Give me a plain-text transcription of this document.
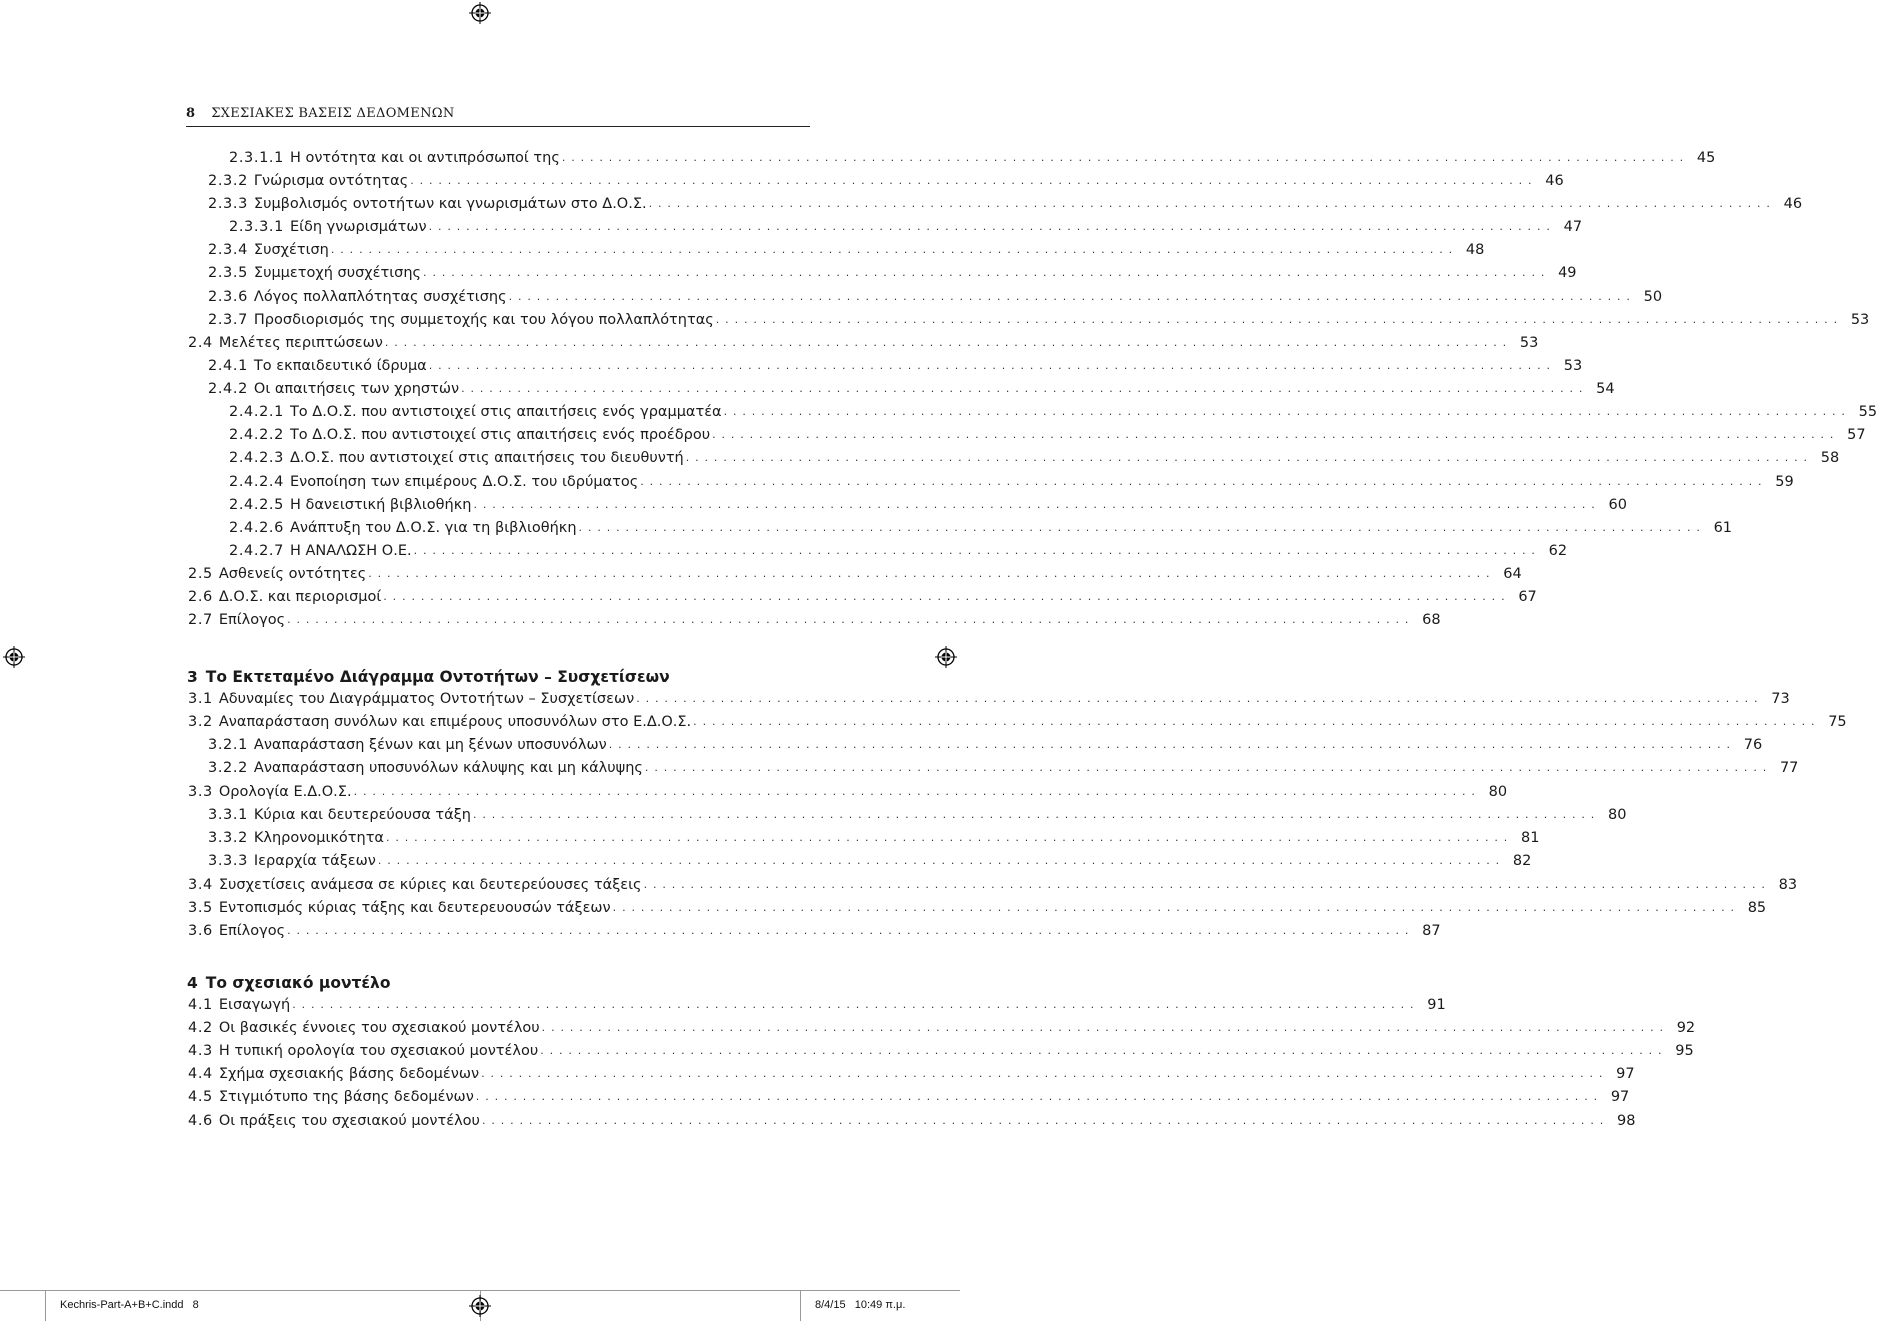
8 ΣΧΕΣΙΑΚΕΣ ΒΑΣΕΙΣ ΔΕΔΟΜΕΝΩΝ
3 Το Εκτεταμένο Διάγραμμα Οντοτήτων – Συσχετίσεων
4 Το σχεσιακό μοντέλο
2.3.1.1 Η οντότητα και οι αντιπρόσωποί της . . . . . . . . . . . . . . . . . . . . . . . . . . . . . . . . . . . . . . . . . . . . . . . . . . . . . . . . . . . . . . . . . . . . . . . . . . . . . . . . . . . . . . . . . . . . . . . . . . . . . . . . . . . . . . . . . . . . . . . . 45
2.3.2 Γνώρισμα οντότητας . . . . . . . . . . . . . . . . . . . . . . . . . . . . . . . . . . . . . . . . . . . . . . . . . . . . . . . . . . . . . . . . . . . . . . . . . . . . . . . . . . . . . . . . . . . . . . . . . . . . . . . . . . . . . . . . . . . . . . . . 46
2.3.3 Συμβολισμός οντοτήτων και γνωρισμάτων στο Δ.Ο.Σ. . . . . . . . . . . . . . . . . . . . . . . . . . . . . . . . . . . . . . . . . . . . . . . . . . . . . . . . . . . . . . . . . . . . . . . . . . . . . . . . . . . . . . . . . . . . . . . . . . . . . . . . . . . . . . . . . . . . . . . . . 46
2.3.3.1 Είδη γνωρισμάτων . . . . . . . . . . . . . . . . . . . . . . . . . . . . . . . . . . . . . . . . . . . . . . . . . . . . . . . . . . . . . . . . . . . . . . . . . . . . . . . . . . . . . . . . . . . . . . . . . . . . . . . . . . . . . . . . . . . . . . . . 47
2.3.4 Συσχέτιση . . . . . . . . . . . . . . . . . . . . . . . . . . . . . . . . . . . . . . . . . . . . . . . . . . . . . . . . . . . . . . . . . . . . . . . . . . . . . . . . . . . . . . . . . . . . . . . . . . . . . . . . . . . . . . . . . . . . . . . . 48
2.3.5 Συμμετοχή συσχέτισης . . . . . . . . . . . . . . . . . . . . . . . . . . . . . . . . . . . . . . . . . . . . . . . . . . . . . . . . . . . . . . . . . . . . . . . . . . . . . . . . . . . . . . . . . . . . . . . . . . . . . . . . . . . . . . . . . . . . . . . . 49
2.3.6 Λόγος πολλαπλότητας συσχέτισης . . . . . . . . . . . . . . . . . . . . . . . . . . . . . . . . . . . . . . . . . . . . . . . . . . . . . . . . . . . . . . . . . . . . . . . . . . . . . . . . . . . . . . . . . . . . . . . . . . . . . . . . . . . . . . . . . . . . . . . . 50
2.3.7 Προσδιορισμός της συμμετοχής και του λόγου πολλαπλότητας . . . . . . . . . . . . . . . . . . . . . . . . . . . . . . . . . . . . . . . . . . . . . . . . . . . . . . . . . . . . . . . . . . . . . . . . . . . . . . . . . . . . . . . . . . . . . . . . . . . . . . . . . . . . . . . . . . . . . . . . 53
2.4 Μελέτες περιπτώσεων . . . . . . . . . . . . . . . . . . . . . . . . . . . . . . . . . . . . . . . . . . . . . . . . . . . . . . . . . . . . . . . . . . . . . . . . . . . . . . . . . . . . . . . . . . . . . . . . . . . . . . . . . . . . . . . . . . . . . . . . 53
2.4.1 Το εκπαιδευτικό ίδρυμα . . . . . . . . . . . . . . . . . . . . . . . . . . . . . . . . . . . . . . . . . . . . . . . . . . . . . . . . . . . . . . . . . . . . . . . . . . . . . . . . . . . . . . . . . . . . . . . . . . . . . . . . . . . . . . . . . . . . . . . . 53
2.4.2 Οι απαιτήσεις των χρηστών . . . . . . . . . . . . . . . . . . . . . . . . . . . . . . . . . . . . . . . . . . . . . . . . . . . . . . . . . . . . . . . . . . . . . . . . . . . . . . . . . . . . . . . . . . . . . . . . . . . . . . . . . . . . . . . . . . . . . . . . 54
2.4.2.1 Το Δ.Ο.Σ. που αντιστοιχεί στις απαιτήσεις ενός γραμματέα . . . . . . . . . . . . . . . . . . . . . . . . . . . . . . . . . . . . . . . . . . . . . . . . . . . . . . . . . . . . . . . . . . . . . . . . . . . . . . . . . . . . . . . . . . . . . . . . . . . . . . . . . . . . . . . . . . . . . . . . 55
2.4.2.2 Το Δ.Ο.Σ. που αντιστοιχεί στις απαιτήσεις ενός προέδρου . . . . . . . . . . . . . . . . . . . . . . . . . . . . . . . . . . . . . . . . . . . . . . . . . . . . . . . . . . . . . . . . . . . . . . . . . . . . . . . . . . . . . . . . . . . . . . . . . . . . . . . . . . . . . . . . . . . . . . . . 57
2.4.2.3 Δ.Ο.Σ. που αντιστοιχεί στις απαιτήσεις του διευθυντή . . . . . . . . . . . . . . . . . . . . . . . . . . . . . . . . . . . . . . . . . . . . . . . . . . . . . . . . . . . . . . . . . . . . . . . . . . . . . . . . . . . . . . . . . . . . . . . . . . . . . . . . . . . . . . . . . . . . . . . . 58
2.4.2.4 Ενοποίηση των επιμέρους Δ.Ο.Σ. του ιδρύματος . . . . . . . . . . . . . . . . . . . . . . . . . . . . . . . . . . . . . . . . . . . . . . . . . . . . . . . . . . . . . . . . . . . . . . . . . . . . . . . . . . . . . . . . . . . . . . . . . . . . . . . . . . . . . . . . . . . . . . . . 59
2.4.2.5 Η δανειστική βιβλιοθήκη . . . . . . . . . . . . . . . . . . . . . . . . . . . . . . . . . . . . . . . . . . . . . . . . . . . . . . . . . . . . . . . . . . . . . . . . . . . . . . . . . . . . . . . . . . . . . . . . . . . . . . . . . . . . . . . . . . . . . . . . 60
2.4.2.6 Ανάπτυξη του Δ.Ο.Σ. για τη βιβλιοθήκη . . . . . . . . . . . . . . . . . . . . . . . . . . . . . . . . . . . . . . . . . . . . . . . . . . . . . . . . . . . . . . . . . . . . . . . . . . . . . . . . . . . . . . . . . . . . . . . . . . . . . . . . . . . . . . . . . . . . . . . . 61
2.4.2.7 Η ΑΝΑΛΩΣΗ Ο.Ε. . . . . . . . . . . . . . . . . . . . . . . . . . . . . . . . . . . . . . . . . . . . . . . . . . . . . . . . . . . . . . . . . . . . . . . . . . . . . . . . . . . . . . . . . . . . . . . . . . . . . . . . . . . . . . . . . . . . . . . . . 62
2.5 Ασθενείς οντότητες . . . . . . . . . . . . . . . . . . . . . . . . . . . . . . . . . . . . . . . . . . . . . . . . . . . . . . . . . . . . . . . . . . . . . . . . . . . . . . . . . . . . . . . . . . . . . . . . . . . . . . . . . . . . . . . . . . . . . . . . 64
2.6 Δ.Ο.Σ. και περιορισμοί . . . . . . . . . . . . . . . . . . . . . . . . . . . . . . . . . . . . . . . . . . . . . . . . . . . . . . . . . . . . . . . . . . . . . . . . . . . . . . . . . . . . . . . . . . . . . . . . . . . . . . . . . . . . . . . . . . . . . . . . 67
2.7 Επίλογος . . . . . . . . . . . . . . . . . . . . . . . . . . . . . . . . . . . . . . . . . . . . . . . . . . . . . . . . . . . . . . . . . . . . . . . . . . . . . . . . . . . . . . . . . . . . . . . . . . . . . . . . . . . . . . . . . . . . . . . . 68
3.1 Αδυναμίες του Διαγράμματος Οντοτήτων – Συσχετίσεων . . . . . . . . . . . . . . . . . . . . . . . . . . . . . . . . . . . . . . . . . . . . . . . . . . . . . . . . . . . . . . . . . . . . . . . . . . . . . . . . . . . . . . . . . . . . . . . . . . . . . . . . . . . . . . . . . . . . . . . . 73
3.2 Αναπαράσταση συνόλων και επιμέρους υποσυνόλων στο Ε.Δ.Ο.Σ. . . . . . . . . . . . . . . . . . . . . . . . . . . . . . . . . . . . . . . . . . . . . . . . . . . . . . . . . . . . . . . . . . . . . . . . . . . . . . . . . . . . . . . . . . . . . . . . . . . . . . . . . . . . . . . . . . . . . . . . . 75
3.2.1 Αναπαράσταση ξένων και μη ξένων υποσυνόλων . . . . . . . . . . . . . . . . . . . . . . . . . . . . . . . . . . . . . . . . . . . . . . . . . . . . . . . . . . . . . . . . . . . . . . . . . . . . . . . . . . . . . . . . . . . . . . . . . . . . . . . . . . . . . . . . . . . . . . . . 76
3.2.2 Αναπαράσταση υποσυνόλων κάλυψης και μη κάλυψης . . . . . . . . . . . . . . . . . . . . . . . . . . . . . . . . . . . . . . . . . . . . . . . . . . . . . . . . . . . . . . . . . . . . . . . . . . . . . . . . . . . . . . . . . . . . . . . . . . . . . . . . . . . . . . . . . . . . . . . . 77
3.3 Ορολογία Ε.Δ.Ο.Σ. . . . . . . . . . . . . . . . . . . . . . . . . . . . . . . . . . . . . . . . . . . . . . . . . . . . . . . . . . . . . . . . . . . . . . . . . . . . . . . . . . . . . . . . . . . . . . . . . . . . . . . . . . . . . . . . . . . . . . . . . 80
3.3.1 Κύρια και δευτερεύουσα τάξη . . . . . . . . . . . . . . . . . . . . . . . . . . . . . . . . . . . . . . . . . . . . . . . . . . . . . . . . . . . . . . . . . . . . . . . . . . . . . . . . . . . . . . . . . . . . . . . . . . . . . . . . . . . . . . . . . . . . . . . . 80
3.3.2 Κληρονομικότητα . . . . . . . . . . . . . . . . . . . . . . . . . . . . . . . . . . . . . . . . . . . . . . . . . . . . . . . . . . . . . . . . . . . . . . . . . . . . . . . . . . . . . . . . . . . . . . . . . . . . . . . . . . . . . . . . . . . . . . . . 81
3.3.3 Ιεραρχία τάξεων . . . . . . . . . . . . . . . . . . . . . . . . . . . . . . . . . . . . . . . . . . . . . . . . . . . . . . . . . . . . . . . . . . . . . . . . . . . . . . . . . . . . . . . . . . . . . . . . . . . . . . . . . . . . . . . . . . . . . . . . 82
3.4 Συσχετίσεις ανάμεσα σε κύριες και δευτερεύουσες τάξεις . . . . . . . . . . . . . . . . . . . . . . . . . . . . . . . . . . . . . . . . . . . . . . . . . . . . . . . . . . . . . . . . . . . . . . . . . . . . . . . . . . . . . . . . . . . . . . . . . . . . . . . . . . . . . . . . . . . . . . . . 83
3.5 Εντοπισμός κύριας τάξης και δευτερευουσών τάξεων . . . . . . . . . . . . . . . . . . . . . . . . . . . . . . . . . . . . . . . . . . . . . . . . . . . . . . . . . . . . . . . . . . . . . . . . . . . . . . . . . . . . . . . . . . . . . . . . . . . . . . . . . . . . . . . . . . . . . . . . 85
3.6 Επίλογος . . . . . . . . . . . . . . . . . . . . . . . . . . . . . . . . . . . . . . . . . . . . . . . . . . . . . . . . . . . . . . . . . . . . . . . . . . . . . . . . . . . . . . . . . . . . . . . . . . . . . . . . . . . . . . . . . . . . . . . . 87
4.1 Εισαγωγή . . . . . . . . . . . . . . . . . . . . . . . . . . . . . . . . . . . . . . . . . . . . . . . . . . . . . . . . . . . . . . . . . . . . . . . . . . . . . . . . . . . . . . . . . . . . . . . . . . . . . . . . . . . . . . . . . . . . . . . . 91
4.2 Οι βασικές έννοιες του σχεσιακού μοντέλου . . . . . . . . . . . . . . . . . . . . . . . . . . . . . . . . . . . . . . . . . . . . . . . . . . . . . . . . . . . . . . . . . . . . . . . . . . . . . . . . . . . . . . . . . . . . . . . . . . . . . . . . . . . . . . . . . . . . . . . . 92
4.3 Η τυπική ορολογία του σχεσιακού μοντέλου . . . . . . . . . . . . . . . . . . . . . . . . . . . . . . . . . . . . . . . . . . . . . . . . . . . . . . . . . . . . . . . . . . . . . . . . . . . . . . . . . . . . . . . . . . . . . . . . . . . . . . . . . . . . . . . . . . . . . . . . 95
4.4 Σχήμα σχεσιακής βάσης δεδομένων . . . . . . . . . . . . . . . . . . . . . . . . . . . . . . . . . . . . . . . . . . . . . . . . . . . . . . . . . . . . . . . . . . . . . . . . . . . . . . . . . . . . . . . . . . . . . . . . . . . . . . . . . . . . . . . . . . . . . . . . 97
4.5 Στιγμιότυπο της βάσης δεδομένων . . . . . . . . . . . . . . . . . . . . . . . . . . . . . . . . . . . . . . . . . . . . . . . . . . . . . . . . . . . . . . . . . . . . . . . . . . . . . . . . . . . . . . . . . . . . . . . . . . . . . . . . . . . . . . . . . . . . . . . . 97
4.6 Οι πράξεις του σχεσιακού μοντέλου . . . . . . . . . . . . . . . . . . . . . . . . . . . . . . . . . . . . . . . . . . . . . . . . . . . . . . . . . . . . . . . . . . . . . . . . . . . . . . . . . . . . . . . . . . . . . . . . . . . . . . . . . . . . . . . . . . . . . . . . 98
Kechris-Part-A+B+C.indd   8	8/4/15   10:49 π.μ.
